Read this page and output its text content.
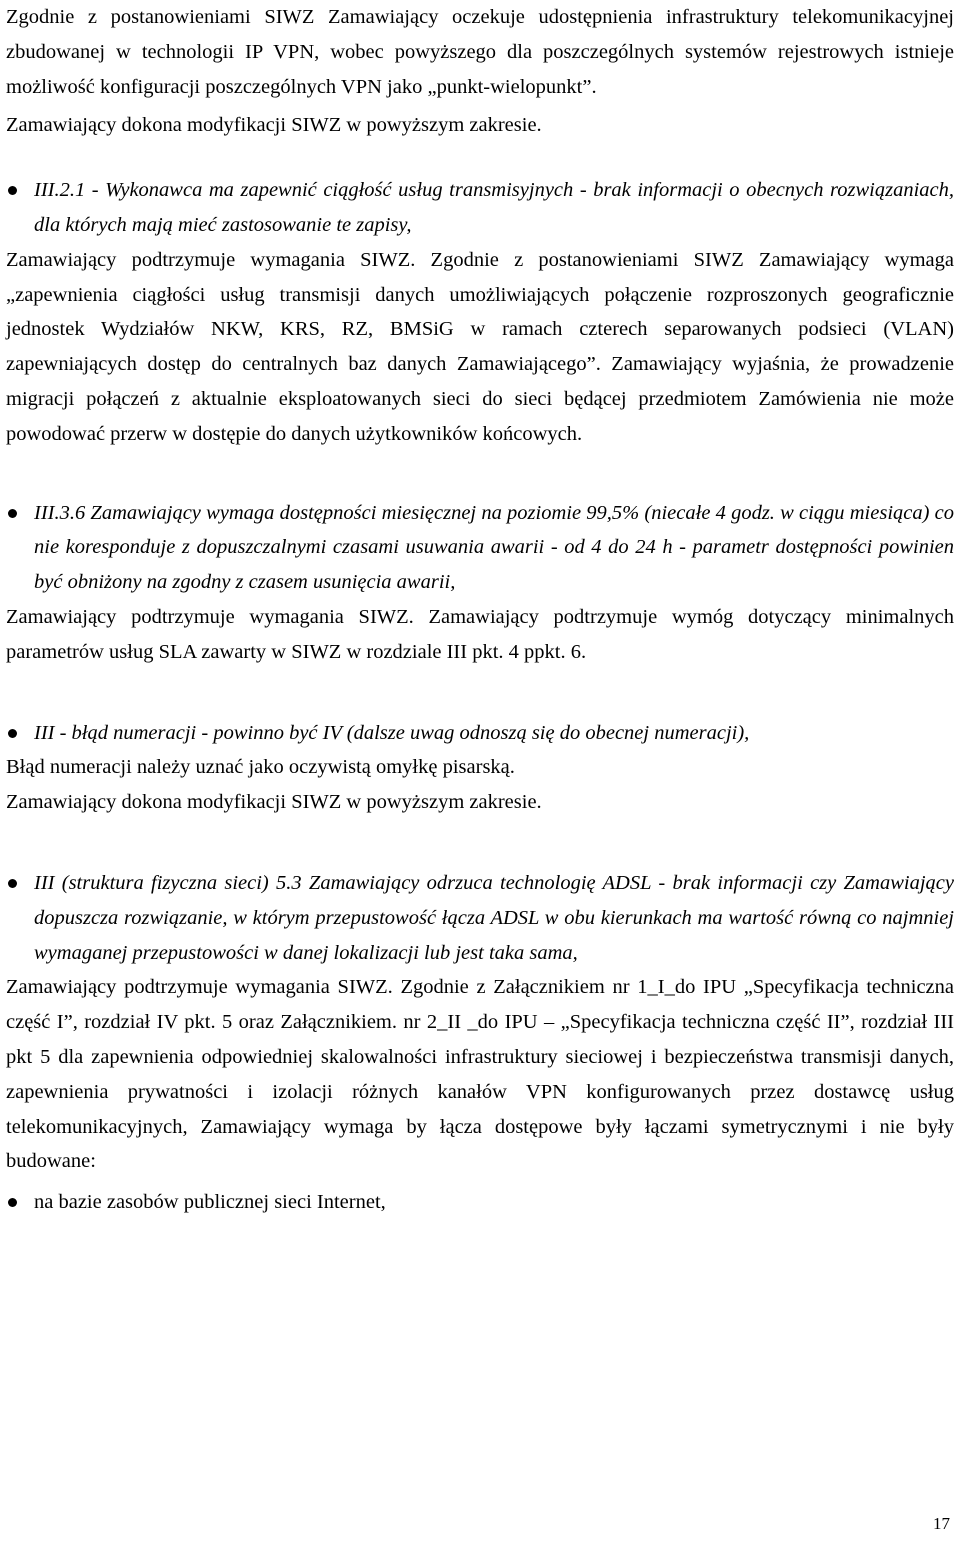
Zgodnie z postanowieniami SIWZ Zamawiający oczekuje udostępnienia infrastruktury telekomunikacyjnej zbudowanej w technologii IP VPN, wobec powyższego dla poszczególnych systemów rejestrowych istnieje możliwość konfiguracji poszczególnych VPN jako „punkt-wielopunkt”.

Zamawiający dokona modyfikacji SIWZ w powyższym zakresie.

III.2.1 - Wykonawca ma zapewnić ciągłość usług transmisyjnych - brak informacji o obecnych rozwiązaniach, dla których mają mieć zastosowanie te zapisy,

Zamawiający podtrzymuje wymagania SIWZ. Zgodnie z postanowieniami SIWZ Zamawiający wymaga „zapewnienia ciągłości usług transmisji danych umożliwiających połączenie rozproszonych geograficznie jednostek Wydziałów NKW, KRS, RZ, BMSiG w ramach czterech separowanych podsieci (VLAN) zapewniających dostęp do centralnych baz danych Zamawiającego”. Zamawiający wyjaśnia, że prowadzenie migracji połączeń z aktualnie eksploatowanych sieci do sieci będącej przedmiotem Zamówienia nie może powodować przerw w dostępie do danych użytkowników końcowych.

III.3.6 Zamawiający wymaga dostępności miesięcznej na poziomie 99,5% (niecałe 4 godz. w ciągu miesiąca) co nie koresponduje z dopuszczalnymi czasami usuwania awarii - od 4 do 24 h - parametr dostępności powinien być obniżony na zgodny z czasem usunięcia awarii,

Zamawiający podtrzymuje wymagania SIWZ. Zamawiający podtrzymuje wymóg dotyczący minimalnych parametrów usług SLA zawarty w SIWZ w rozdziale III pkt. 4 ppkt. 6.

III - błąd numeracji - powinno być IV (dalsze uwag odnoszą się do obecnej numeracji),

Błąd numeracji należy uznać jako oczywistą omyłkę pisarską.

Zamawiający dokona modyfikacji SIWZ w powyższym zakresie.

III (struktura fizyczna sieci) 5.3 Zamawiający odrzuca technologię ADSL - brak informacji czy Zamawiający dopuszcza rozwiązanie, w którym przepustowość łącza ADSL w obu kierunkach ma wartość równą co najmniej wymaganej przepustowości w danej lokalizacji lub jest taka sama,

Zamawiający podtrzymuje wymagania SIWZ. Zgodnie z Załącznikiem nr 1_I_do IPU „Specyfikacja techniczna część I”, rozdział IV pkt. 5 oraz Załącznikiem. nr 2_II _do IPU – „Specyfikacja techniczna część II”, rozdział III pkt 5 dla zapewnienia odpowiedniej skalowalności infrastruktury sieciowej i bezpieczeństwa transmisji danych, zapewnienia prywatności i izolacji różnych kanałów VPN konfigurowanych przez dostawcę usług telekomunikacyjnych, Zamawiający wymaga by łącza dostępowe były łączami symetrycznymi i nie były budowane:

na bazie zasobów publicznej sieci Internet,

17
